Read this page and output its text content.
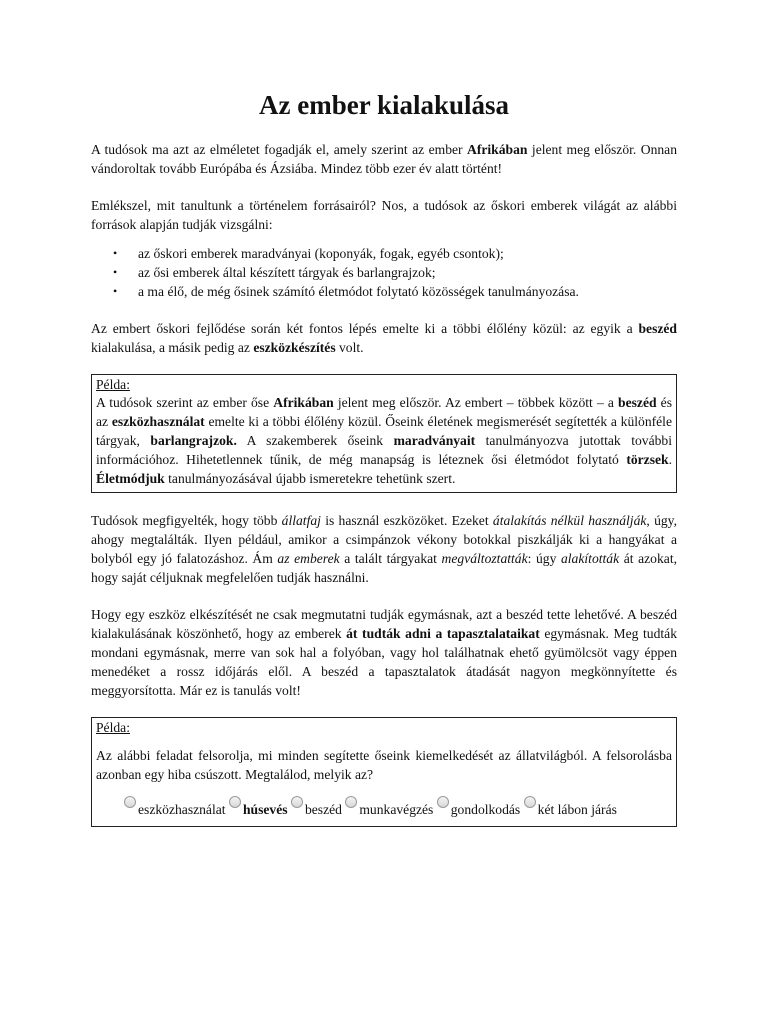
Az ember kialakulása

A tudósok ma azt az elméletet fogadják el, amely szerint az ember Afrikában jelent meg először. Onnan vándoroltak tovább Európába és Ázsiába. Mindez több ezer év alatt történt!

Emlékszel, mit tanultunk a történelem forrásairól? Nos, a tudósok az őskori emberek világát az alábbi források alapján tudják vizsgálni:

• az őskori emberek maradványai (koponyák, fogak, egyéb csontok);
• az ősi emberek által készített tárgyak és barlangrajzok;
• a ma élő, de még ősinek számító életmódot folytató közösségek tanulmányozása.

Az embert őskori fejlődése során két fontos lépés emelte ki a többi élőlény közül: az egyik a beszéd kialakulása, a másik pedig az eszközkészítés volt.

Példa:

A tudósok szerint az ember őse Afrikában jelent meg először. Az embert – többek között – a beszéd és az eszközhasználat emelte ki a többi élőlény közül. Őseink életének megismerését segítették a különféle tárgyak, barlangrajzok. A szakemberek őseink maradványait tanulmányozva jutottak további információhoz. Hihetetlennek tűnik, de még manapság is léteznek ősi életmódot folytató törzsek. Életmódjuk tanulmányozásával újabb ismeretekre tehetünk szert.

Tudósok megfigyelték, hogy több állatfaj is használ eszközöket. Ezeket átalakítás nélkül használják, úgy, ahogy megtalálták. Ilyen például, amikor a csimpánzok vékony botokkal piszkálják ki a hangyákat a bolyból egy jó falatozáshoz. Ám az emberek a talált tárgyakat megváltoztatták: úgy alakították át azokat, hogy saját céljuknak megfelelően tudják használni.

Hogy egy eszköz elkészítését ne csak megmutatni tudják egymásnak, azt a beszéd tette lehetővé. A beszéd kialakulásának köszönhető, hogy az emberek át tudták adni a tapasztalataikat egymásnak. Meg tudták mondani egymásnak, merre van sok hal a folyóban, vagy hol találhatnak ehető gyümölcsöt vagy éppen menedéket a rossz időjárás elől. A beszéd a tapasztalatok átadását nagyon megkönnyítette és meggyorsította. Már ez is tanulás volt!

Példa:

Az alábbi feladat felsorolja, mi minden segítette őseink kiemelkedését az állatvilágból. A felsorolásba azonban egy hiba csúszott. Megtalálod, melyik az?

eszközhasználat húsevés beszéd munkavégzés gondolkodás két lábon járás
